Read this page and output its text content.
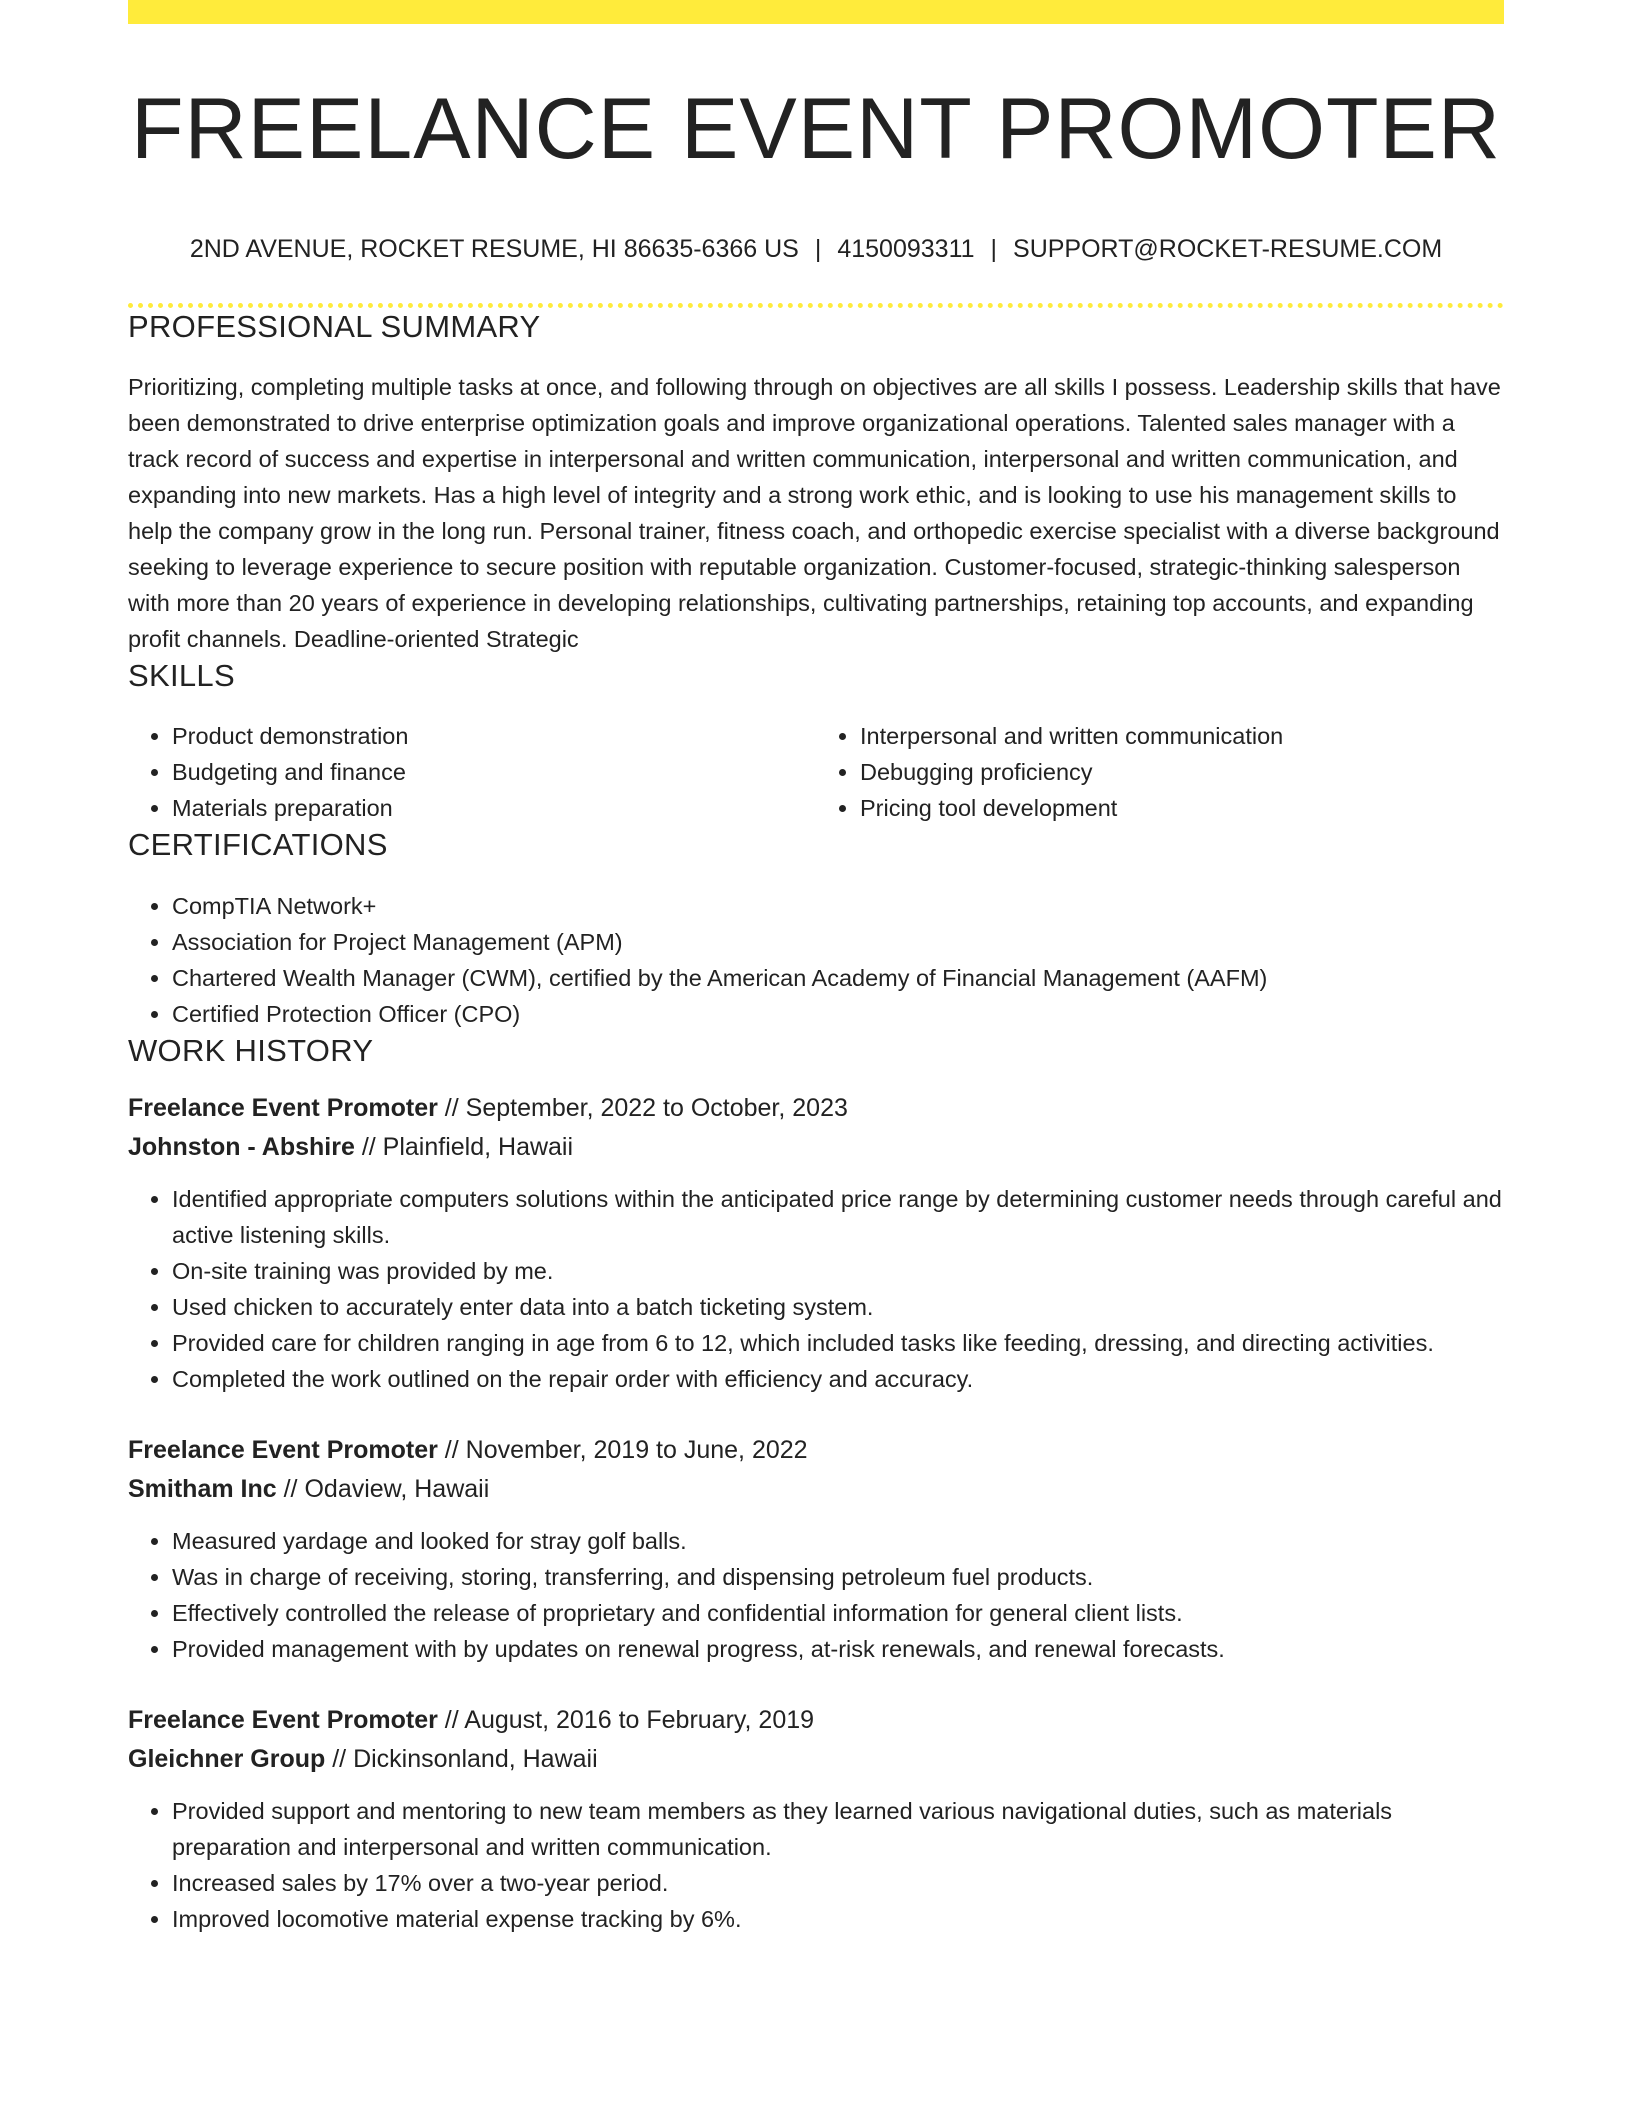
FREELANCE EVENT PROMOTER
2ND AVENUE, ROCKET RESUME, HI 86635-6366 US | 4150093311 | SUPPORT@ROCKET-RESUME.COM
PROFESSIONAL SUMMARY

Prioritizing, completing multiple tasks at once, and following through on objectives are all skills I possess. Leadership skills that have been demonstrated to drive enterprise optimization goals and improve organizational operations. Talented sales manager with a track record of success and expertise in interpersonal and written communication, interpersonal and written communication, and expanding into new markets. Has a high level of integrity and a strong work ethic, and is looking to use his management skills to help the company grow in the long run. Personal trainer, fitness coach, and orthopedic exercise specialist with a diverse background seeking to leverage experience to secure position with reputable organization. Customer-focused, strategic-thinking salesperson with more than 20 years of experience in developing relationships, cultivating partnerships, retaining top accounts, and expanding profit channels. Deadline-oriented Strategic

SKILLS
• Product demonstration
• Budgeting and finance
• Materials preparation
• Interpersonal and written communication
• Debugging proficiency
• Pricing tool development
CERTIFICATIONS
• CompTIA Network+
• Association for Project Management (APM)
• Chartered Wealth Manager (CWM), certified by the American Academy of Financial Management (AAFM)
• Certified Protection Officer (CPO)
WORK HISTORY
Freelance Event Promoter // September, 2022 to October, 2023
Johnston - Abshire // Plainfield, Hawaii
• Identified appropriate computers solutions within the anticipated price range by determining customer needs through careful and active listening skills.
• On-site training was provided by me.
• Used chicken to accurately enter data into a batch ticketing system.
• Provided care for children ranging in age from 6 to 12, which included tasks like feeding, dressing, and directing activities.
• Completed the work outlined on the repair order with efficiency and accuracy.
Freelance Event Promoter // November, 2019 to June, 2022
Smitham Inc // Odaview, Hawaii
• Measured yardage and looked for stray golf balls.
• Was in charge of receiving, storing, transferring, and dispensing petroleum fuel products.
• Effectively controlled the release of proprietary and confidential information for general client lists.
• Provided management with by updates on renewal progress, at-risk renewals, and renewal forecasts.
Freelance Event Promoter // August, 2016 to February, 2019
Gleichner Group // Dickinsonland, Hawaii
• Provided support and mentoring to new team members as they learned various navigational duties, such as materials preparation and interpersonal and written communication.
• Increased sales by 17% over a two-year period.
• Improved locomotive material expense tracking by 6%.
